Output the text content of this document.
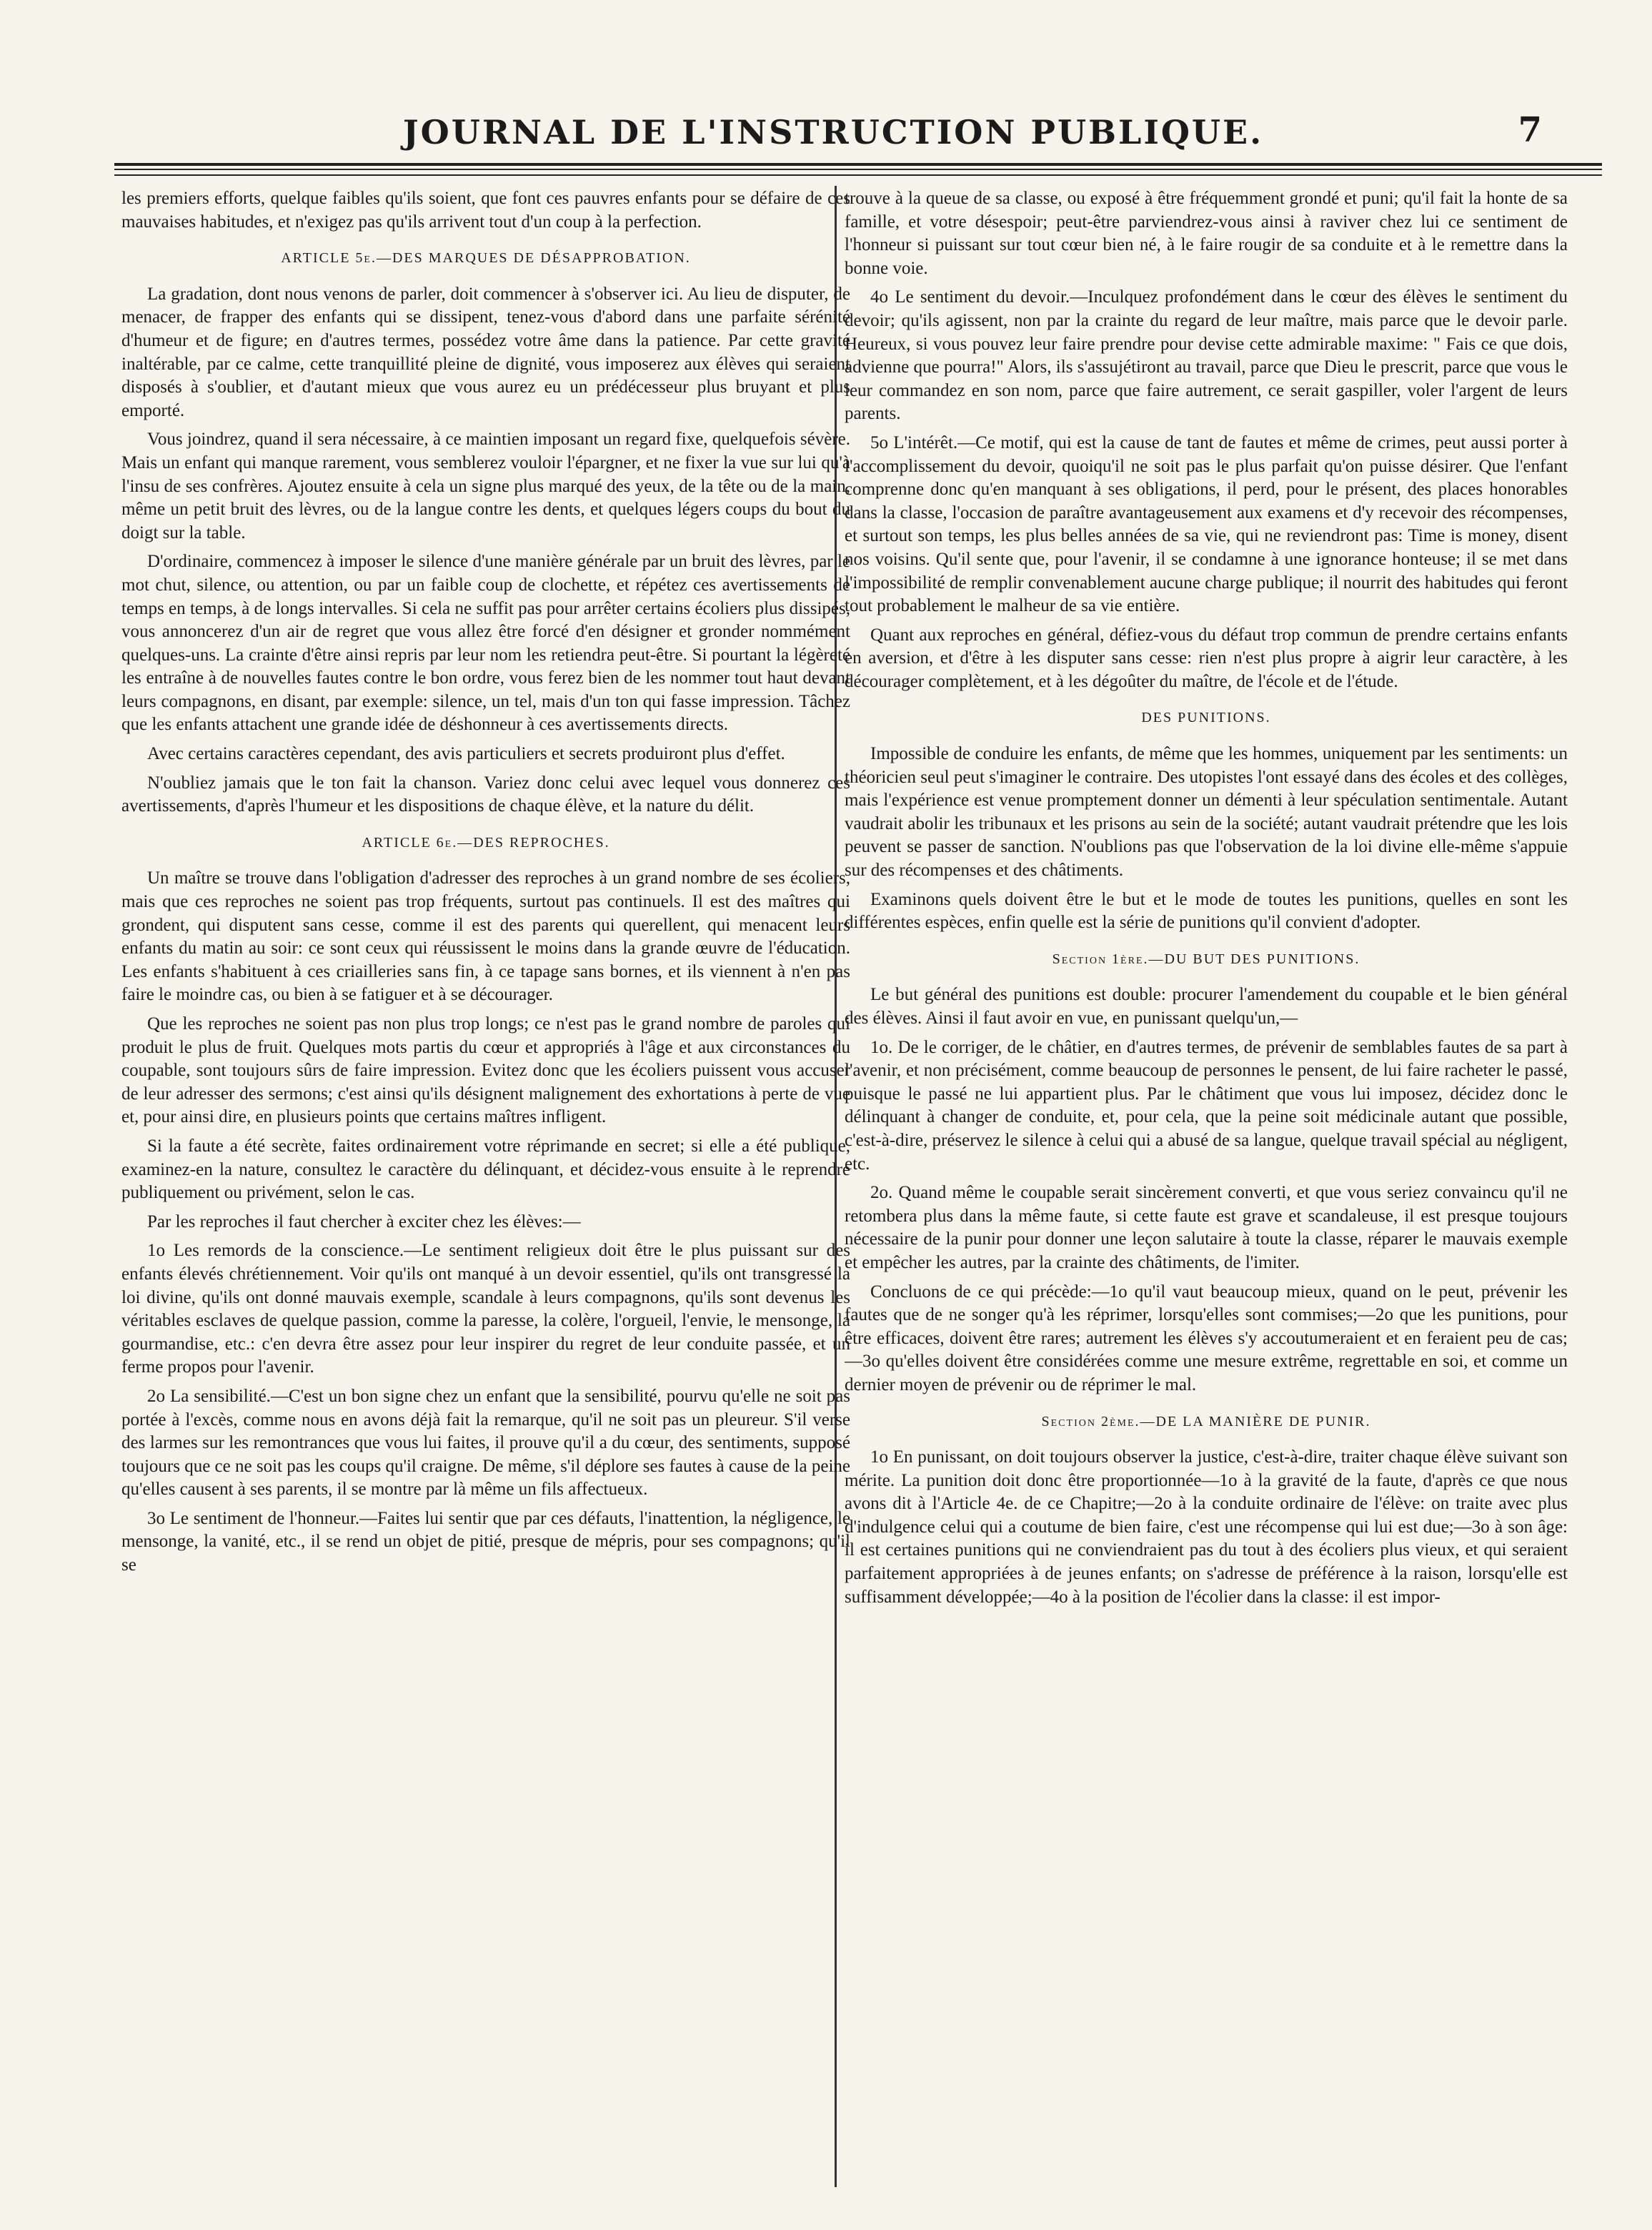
JOURNAL DE L'INSTRUCTION PUBLIQUE.	7

les premiers efforts, quelque faibles qu'ils soient, que font ces pauvres enfants pour se défaire de ces mauvaises habitudes, et n'exigez pas qu'ils arrivent tout d'un coup à la perfection.

ARTICLE 5e.—DES MARQUES DE DÉSAPPROBATION.

La gradation, dont nous venons de parler, doit commencer à s'observer ici. Au lieu de disputer, de menacer, de frapper des enfants qui se dissipent, tenez-vous d'abord dans une parfaite sérénité d'humeur et de figure; en d'autres termes, possédez votre âme dans la patience. Par cette gravité inaltérable, par ce calme, cette tranquillité pleine de dignité, vous imposerez aux élèves qui seraient disposés à s'oublier, et d'autant mieux que vous aurez eu un prédécesseur plus bruyant et plus emporté.

Vous joindrez, quand il sera nécessaire, à ce maintien imposant un regard fixe, quelquefois sévère. Mais un enfant qui manque rarement, vous semblerez vouloir l'épargner, et ne fixer la vue sur lui qu'à l'insu de ses confrères. Ajoutez ensuite à cela un signe plus marqué des yeux, de la tête ou de la main, même un petit bruit des lèvres, ou de la langue contre les dents, et quelques légers coups du bout du doigt sur la table.

D'ordinaire, commencez à imposer le silence d'une manière générale par un bruit des lèvres, par le mot chut, silence, ou attention, ou par un faible coup de clochette, et répétez ces avertissements de temps en temps, à de longs intervalles. Si cela ne suffit pas pour arrêter certains écoliers plus dissipés, vous annoncerez d'un air de regret que vous allez être forcé d'en désigner et gronder nommément quelques-uns. La crainte d'être ainsi repris par leur nom les retiendra peut-être. Si pourtant la légèreté les entraîne à de nouvelles fautes contre le bon ordre, vous ferez bien de les nommer tout haut devant leurs compagnons, en disant, par exemple: silence, un tel, mais d'un ton qui fasse impression. Tâchez que les enfants attachent une grande idée de déshonneur à ces avertissements directs.

Avec certains caractères cependant, des avis particuliers et secrets produiront plus d'effet.

N'oubliez jamais que le ton fait la chanson. Variez donc celui avec lequel vous donnerez ces avertissements, d'après l'humeur et les dispositions de chaque élève, et la nature du délit.

ARTICLE 6e.—DES REPROCHES.

Un maître se trouve dans l'obligation d'adresser des reproches à un grand nombre de ses écoliers, mais que ces reproches ne soient pas trop fréquents, surtout pas continuels. Il est des maîtres qui grondent, qui disputent sans cesse, comme il est des parents qui querellent, qui menacent leurs enfants du matin au soir: ce sont ceux qui réussissent le moins dans la grande œuvre de l'éducation. Les enfants s'habituent à ces criailleries sans fin, à ce tapage sans bornes, et ils viennent à n'en pas faire le moindre cas, ou bien à se fatiguer et à se décourager.

Que les reproches ne soient pas non plus trop longs; ce n'est pas le grand nombre de paroles qui produit le plus de fruit. Quelques mots partis du cœur et appropriés à l'âge et aux circonstances du coupable, sont toujours sûrs de faire impression. Evitez donc que les écoliers puissent vous accuser de leur adresser des sermons; c'est ainsi qu'ils désignent malignement des exhortations à perte de vue et, pour ainsi dire, en plusieurs points que certains maîtres infligent.

Si la faute a été secrète, faites ordinairement votre réprimande en secret; si elle a été publique, examinez-en la nature, consultez le caractère du délinquant, et décidez-vous ensuite à le reprendre publiquement ou privément, selon le cas.

Par les reproches il faut chercher à exciter chez les élèves:—

1o Les remords de la conscience.—Le sentiment religieux doit être le plus puissant sur des enfants élevés chrétiennement. Voir qu'ils ont manqué à un devoir essentiel, qu'ils ont transgressé la loi divine, qu'ils ont donné mauvais exemple, scandale à leurs compagnons, qu'ils sont devenus les véritables esclaves de quelque passion, comme la paresse, la colère, l'orgueil, l'envie, le mensonge, la gourmandise, etc.: c'en devra être assez pour leur inspirer du regret de leur conduite passée, et un ferme propos pour l'avenir.

2o La sensibilité.—C'est un bon signe chez un enfant que la sensibilité, pourvu qu'elle ne soit pas portée à l'excès, comme nous en avons déjà fait la remarque, qu'il ne soit pas un pleureur. S'il verse des larmes sur les remontrances que vous lui faites, il prouve qu'il a du cœur, des sentiments, supposé toujours que ce ne soit pas les coups qu'il craigne. De même, s'il déplore ses fautes à cause de la peine qu'elles causent à ses parents, il se montre par là même un fils affectueux.

3o Le sentiment de l'honneur.—Faites lui sentir que par ces défauts, l'inattention, la négligence, le mensonge, la vanité, etc., il se rend un objet de pitié, presque de mépris, pour ses compagnons; qu'il se

trouve à la queue de sa classe, ou exposé à être fréquemment grondé et puni; qu'il fait la honte de sa famille, et votre désespoir; peut-être parviendrez-vous ainsi à raviver chez lui ce sentiment de l'honneur si puissant sur tout cœur bien né, à le faire rougir de sa conduite et à le remettre dans la bonne voie.

4o Le sentiment du devoir.—Inculquez profondément dans le cœur des élèves le sentiment du devoir; qu'ils agissent, non par la crainte du regard de leur maître, mais parce que le devoir parle. Heureux, si vous pouvez leur faire prendre pour devise cette admirable maxime: " Fais ce que dois, advienne que pourra!" Alors, ils s'assujétiront au travail, parce que Dieu le prescrit, parce que vous le leur commandez en son nom, parce que faire autrement, ce serait gaspiller, voler l'argent de leurs parents.

5o L'intérêt.—Ce motif, qui est la cause de tant de fautes et même de crimes, peut aussi porter à l'accomplissement du devoir, quoiqu'il ne soit pas le plus parfait qu'on puisse désirer. Que l'enfant comprenne donc qu'en manquant à ses obligations, il perd, pour le présent, des places honorables dans la classe, l'occasion de paraître avantageusement aux examens et d'y recevoir des récompenses, et surtout son temps, les plus belles années de sa vie, qui ne reviendront pas: Time is money, disent nos voisins. Qu'il sente que, pour l'avenir, il se condamne à une ignorance honteuse; il se met dans l'impossibilité de remplir convenablement aucune charge publique; il nourrit des habitudes qui feront tout probablement le malheur de sa vie entière.

Quant aux reproches en général, défiez-vous du défaut trop commun de prendre certains enfants en aversion, et d'être à les disputer sans cesse: rien n'est plus propre à aigrir leur caractère, à les décourager complètement, et à les dégoûter du maître, de l'école et de l'étude.

DES PUNITIONS.

Impossible de conduire les enfants, de même que les hommes, uniquement par les sentiments: un théoricien seul peut s'imaginer le contraire. Des utopistes l'ont essayé dans des écoles et des collèges, mais l'expérience est venue promptement donner un démenti à leur spéculation sentimentale. Autant vaudrait abolir les tribunaux et les prisons au sein de la société; autant vaudrait prétendre que les lois peuvent se passer de sanction. N'oublions pas que l'observation de la loi divine elle-même s'appuie sur des récompenses et des châtiments.

Examinons quels doivent être le but et le mode de toutes les punitions, quelles en sont les différentes espèces, enfin quelle est la série de punitions qu'il convient d'adopter.

Section 1ère.—DU BUT DES PUNITIONS.

Le but général des punitions est double: procurer l'amendement du coupable et le bien général des élèves. Ainsi il faut avoir en vue, en punissant quelqu'un,—

1o. De le corriger, de le châtier, en d'autres termes, de prévenir de semblables fautes de sa part à l'avenir, et non précisément, comme beaucoup de personnes le pensent, de lui faire racheter le passé, puisque le passé ne lui appartient plus. Par le châtiment que vous lui imposez, décidez donc le délinquant à changer de conduite, et, pour cela, que la peine soit médicinale autant que possible, c'est-à-dire, préservez le silence à celui qui a abusé de sa langue, quelque travail spécial au négligent, etc.

2o. Quand même le coupable serait sincèrement converti, et que vous seriez convaincu qu'il ne retombera plus dans la même faute, si cette faute est grave et scandaleuse, il est presque toujours nécessaire de la punir pour donner une leçon salutaire à toute la classe, réparer le mauvais exemple et empêcher les autres, par la crainte des châtiments, de l'imiter.

Concluons de ce qui précède:—1o qu'il vaut beaucoup mieux, quand on le peut, prévenir les fautes que de ne songer qu'à les réprimer, lorsqu'elles sont commises;—2o que les punitions, pour être efficaces, doivent être rares; autrement les élèves s'y accoutumeraient et en feraient peu de cas;—3o qu'elles doivent être considérées comme une mesure extrême, regrettable en soi, et comme un dernier moyen de prévenir ou de réprimer le mal.

Section 2ème.—DE LA MANIÈRE DE PUNIR.

1o En punissant, on doit toujours observer la justice, c'est-à-dire, traiter chaque élève suivant son mérite. La punition doit donc être proportionnée—1o à la gravité de la faute, d'après ce que nous avons dit à l'Article 4e. de ce Chapitre;—2o à la conduite ordinaire de l'élève: on traite avec plus d'indulgence celui qui a coutume de bien faire, c'est une récompense qui lui est due;—3o à son âge: il est certaines punitions qui ne conviendraient pas du tout à des écoliers plus vieux, et qui seraient parfaitement appropriées à de jeunes enfants; on s'adresse de préférence à la raison, lorsqu'elle est suffisamment développée;—4o à la position de l'écolier dans la classe: il est impor-
